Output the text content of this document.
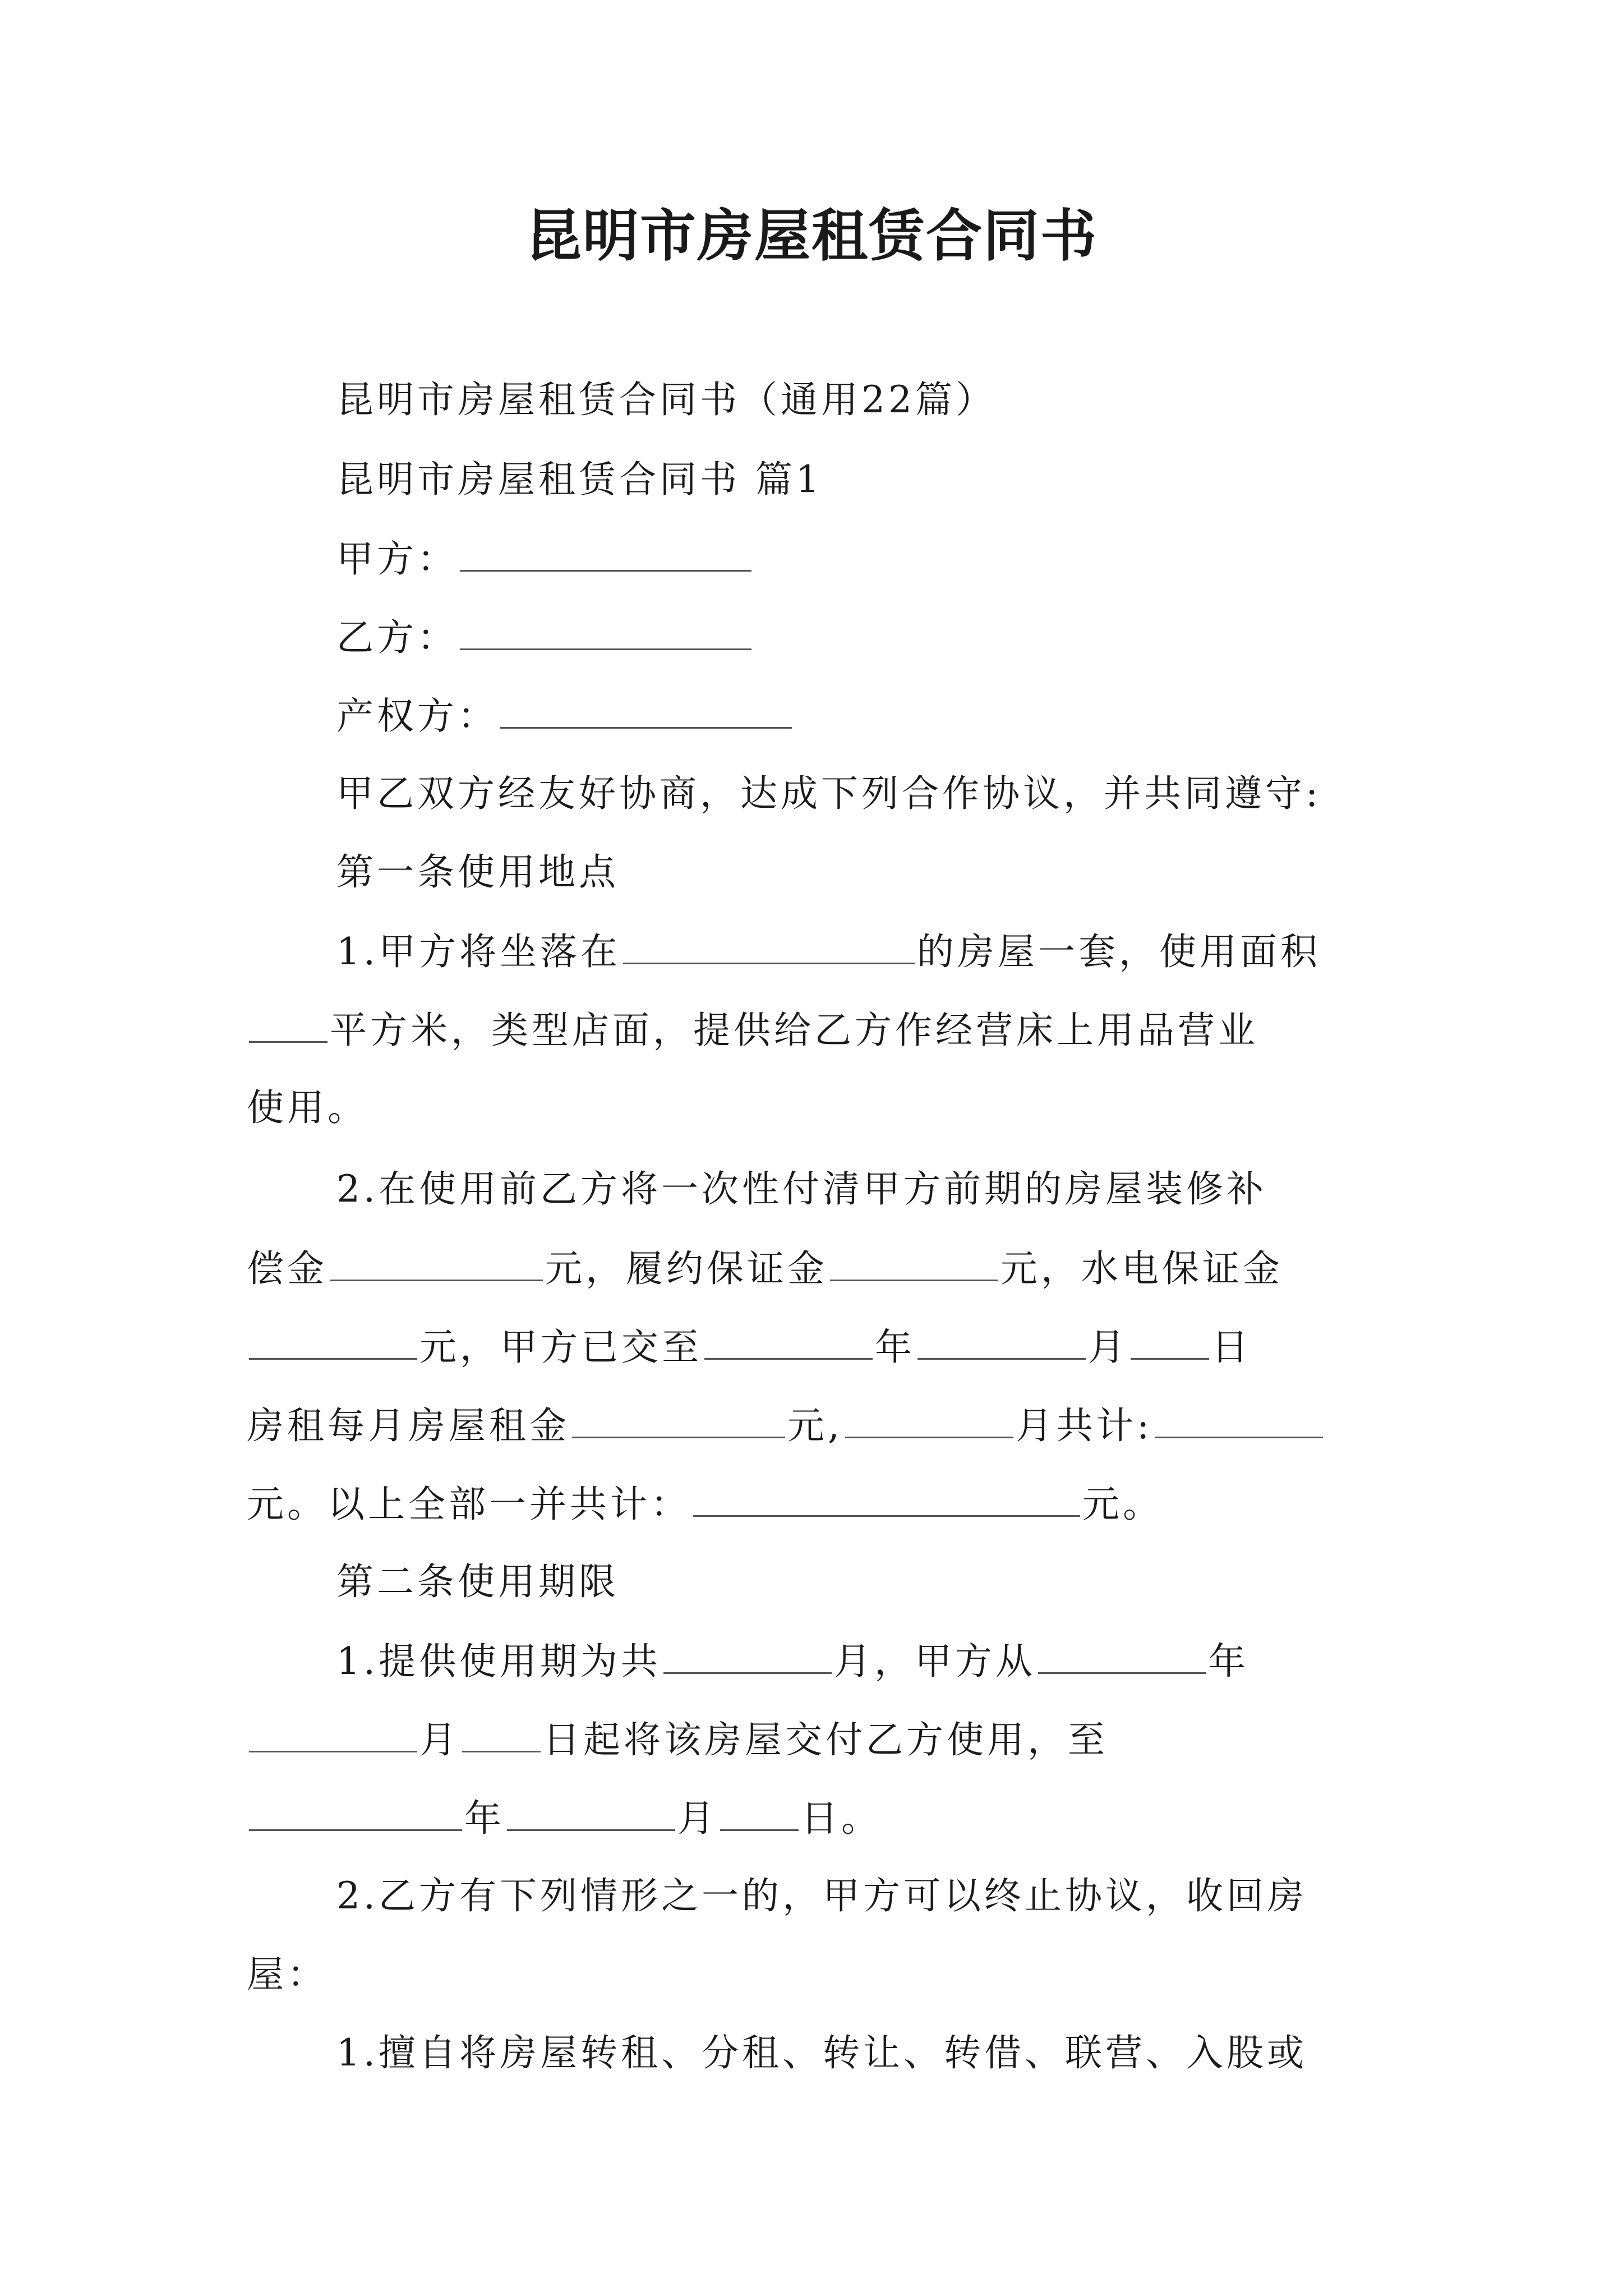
昆明市房屋租赁合同书
昆明市房屋租赁合同书（通用22篇）
昆明市房屋租赁合同书 篇1
甲方：
乙方：
产权方：
甲乙双方经友好协商，达成下列合作协议，并共同遵守:
第一条使用地点
1.甲方将坐落在	的房屋一套，使用面积
平方米，类型店面，提供给乙方作经营床上用品营业
使用。
2.在使用前乙方将一次性付清甲方前期的房屋装修补
偿金	元，履约保证金	元，水电保证金
元，甲方已交至	年	月 日
房租每月房屋租金	元,	月共计:
元。以上全部一并共计：	元。
第二条使用期限
1.提供使用期为共	月，甲方从	年
月 日起将该房屋交付乙方使用，至
年	月 日。
2.乙方有下列情形之一的，甲方可以终止协议，收回房
屋：
1.擅自将房屋转租、分租、转让、转借、联营、入股或
